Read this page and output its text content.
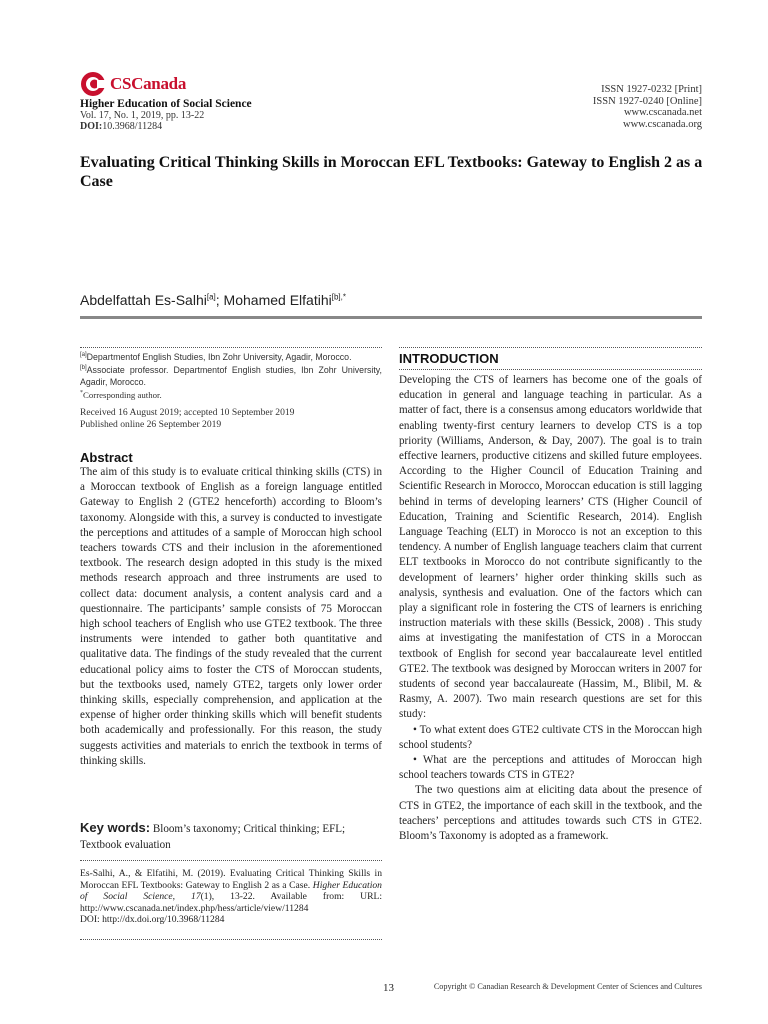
CSCanada
Higher Education of Social Science
Vol. 17, No. 1, 2019, pp. 13-22
DOI:10.3968/11284
ISSN 1927-0232 [Print]
ISSN 1927-0240 [Online]
www.cscanada.net
www.cscanada.org
Evaluating Critical Thinking Skills in Moroccan EFL Textbooks: Gateway to English 2 as a Case
Abdelfattah Es-Salhi[a]; Mohamed Elfatihi$^{[b],*}$
[a]Departmentof English Studies, Ibn Zohr University, Agadir, Morocco.
[b]Associate professor. Departmentof English studies, Ibn Zohr University, Agadir, Morocco.
*Corresponding author.
Received 16 August 2019; accepted 10 September 2019
Published online 26 September 2019
Abstract
The aim of this study is to evaluate critical thinking skills (CTS) in a Moroccan textbook of English as a foreign language entitled Gateway to English 2 (GTE2 henceforth) according to Bloom’s taxonomy. Alongside with this, a survey is conducted to investigate the perceptions and attitudes of a sample of Moroccan high school teachers towards CTS and their inclusion in the aforementioned textbook. The research design adopted in this study is the mixed methods research approach and three instruments are used to collect data: document analysis, a content analysis card and a questionnaire. The participants’ sample consists of 75 Moroccan high school teachers of English who use GTE2 textbook. The three instruments were intended to gather both quantitative and qualitative data. The findings of the study revealed that the current educational policy aims to foster the CTS of Moroccan students, but the textbooks used, namely GTE2, targets only lower order thinking skills, especially comprehension, and application at the expense of higher order thinking skills which will benefit students both academically and professionally. For this reason, the study suggests activities and materials to enrich the textbook in terms of thinking skills.
Key words: Bloom’s taxonomy; Critical thinking; EFL; Textbook evaluation
Es-Salhi, A., & Elfatihi, M. (2019). Evaluating Critical Thinking Skills in Moroccan EFL Textbooks: Gateway to English 2 as a Case. Higher Education of Social Science, 17(1), 13-22. Available from: URL: http://www.cscanada.net/index.php/hess/article/view/11284
DOI: http://dx.doi.org/10.3968/11284
INTRODUCTION

Developing the CTS of learners has become one of the goals of education in general and language teaching in particular. As a matter of fact, there is a consensus among educators worldwide that enabling twenty-first century learners to develop CTS is a top priority (Williams, Anderson, & Day, 2007). The goal is to train effective learners, productive citizens and skilled future employees. According to the Higher Council of Education Training and Scientific Research in Morocco, Moroccan education is still lagging behind in terms of developing learners’ CTS (Higher Council of Education, Training and Scientific Research, 2014). English Language Teaching (ELT) in Morocco is not an exception to this tendency. A number of English language teachers claim that current ELT textbooks in Morocco do not contribute significantly to the development of learners’ higher order thinking skills such as analysis, synthesis and evaluation. One of the factors which can play a significant role in fostering the CTS of learners is enriching instruction materials with these skills (Bessick, 2008) . This study aims at investigating the manifestation of CTS in a Moroccan textbook of English for second year baccalaureate level entitled GTE2. The textbook was designed by Moroccan writers in 2007 for students of second year baccalaureate (Hassim, M., Blibil, M. & Rasmy, A. 2007). Two main research questions are set for this study:

• To what extent does GTE2 cultivate CTS in the Moroccan high school students?

• What are the perceptions and attitudes of Moroccan high school teachers towards CTS in GTE2?

The two questions aim at eliciting data about the presence of CTS in GTE2, the importance of each skill in the textbook, and the teachers’ perceptions and attitudes towards such CTS in GTE2. Bloom’s Taxonomy is adopted as a framework.

13	Copyright © Canadian Research & Development Center of Sciences and Cultures
